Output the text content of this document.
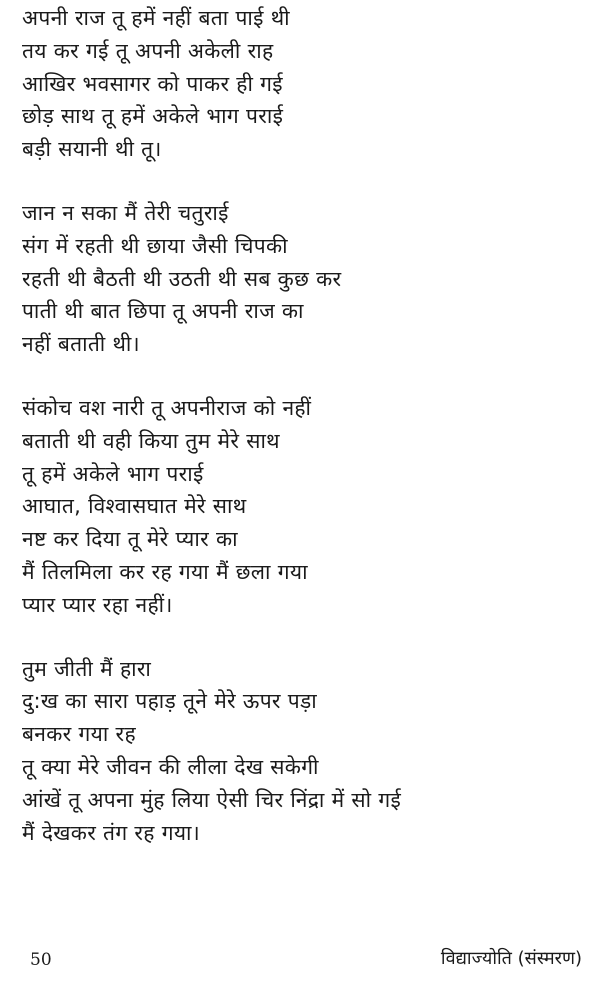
अपनी राज तू हमें नहीं बता पाई थी
तय कर गई तू अपनी अकेली राह
आखिर भवसागर को पाकर ही गई
छोड़ साथ तू हमें अकेले भाग पराई
बड़ी सयानी थी तू।
जान न सका मैं तेरी चतुराई
संग में रहती थी छाया जैसी चिपकी
रहती थी बैठती थी उठती थी सब कुछ कर
पाती थी बात छिपा तू अपनी राज का
नहीं बताती थी।
संकोच वश नारी तू अपनीराज को नहीं
बताती थी वही किया तुम मेरे साथ
तू हमें अकेले भाग पराई
आघात, विश्वासघात मेरे साथ
नष्ट कर दिया तू मेरे प्यार का
मैं तिलमिला कर रह गया मैं छला गया
प्यार प्यार रहा नहीं।
तुम जीती मैं हारा
दु:ख का सारा पहाड़ तूने मेरे ऊपर पड़ा
बनकर गया रह
तू क्या मेरे जीवन की लीला देख सकेगी
आंखें तू अपना मुंह लिया ऐसी चिर निंद्रा में सो गई
मैं देखकर तंग रह गया।
50	विद्याज्योति (संस्मरण)
